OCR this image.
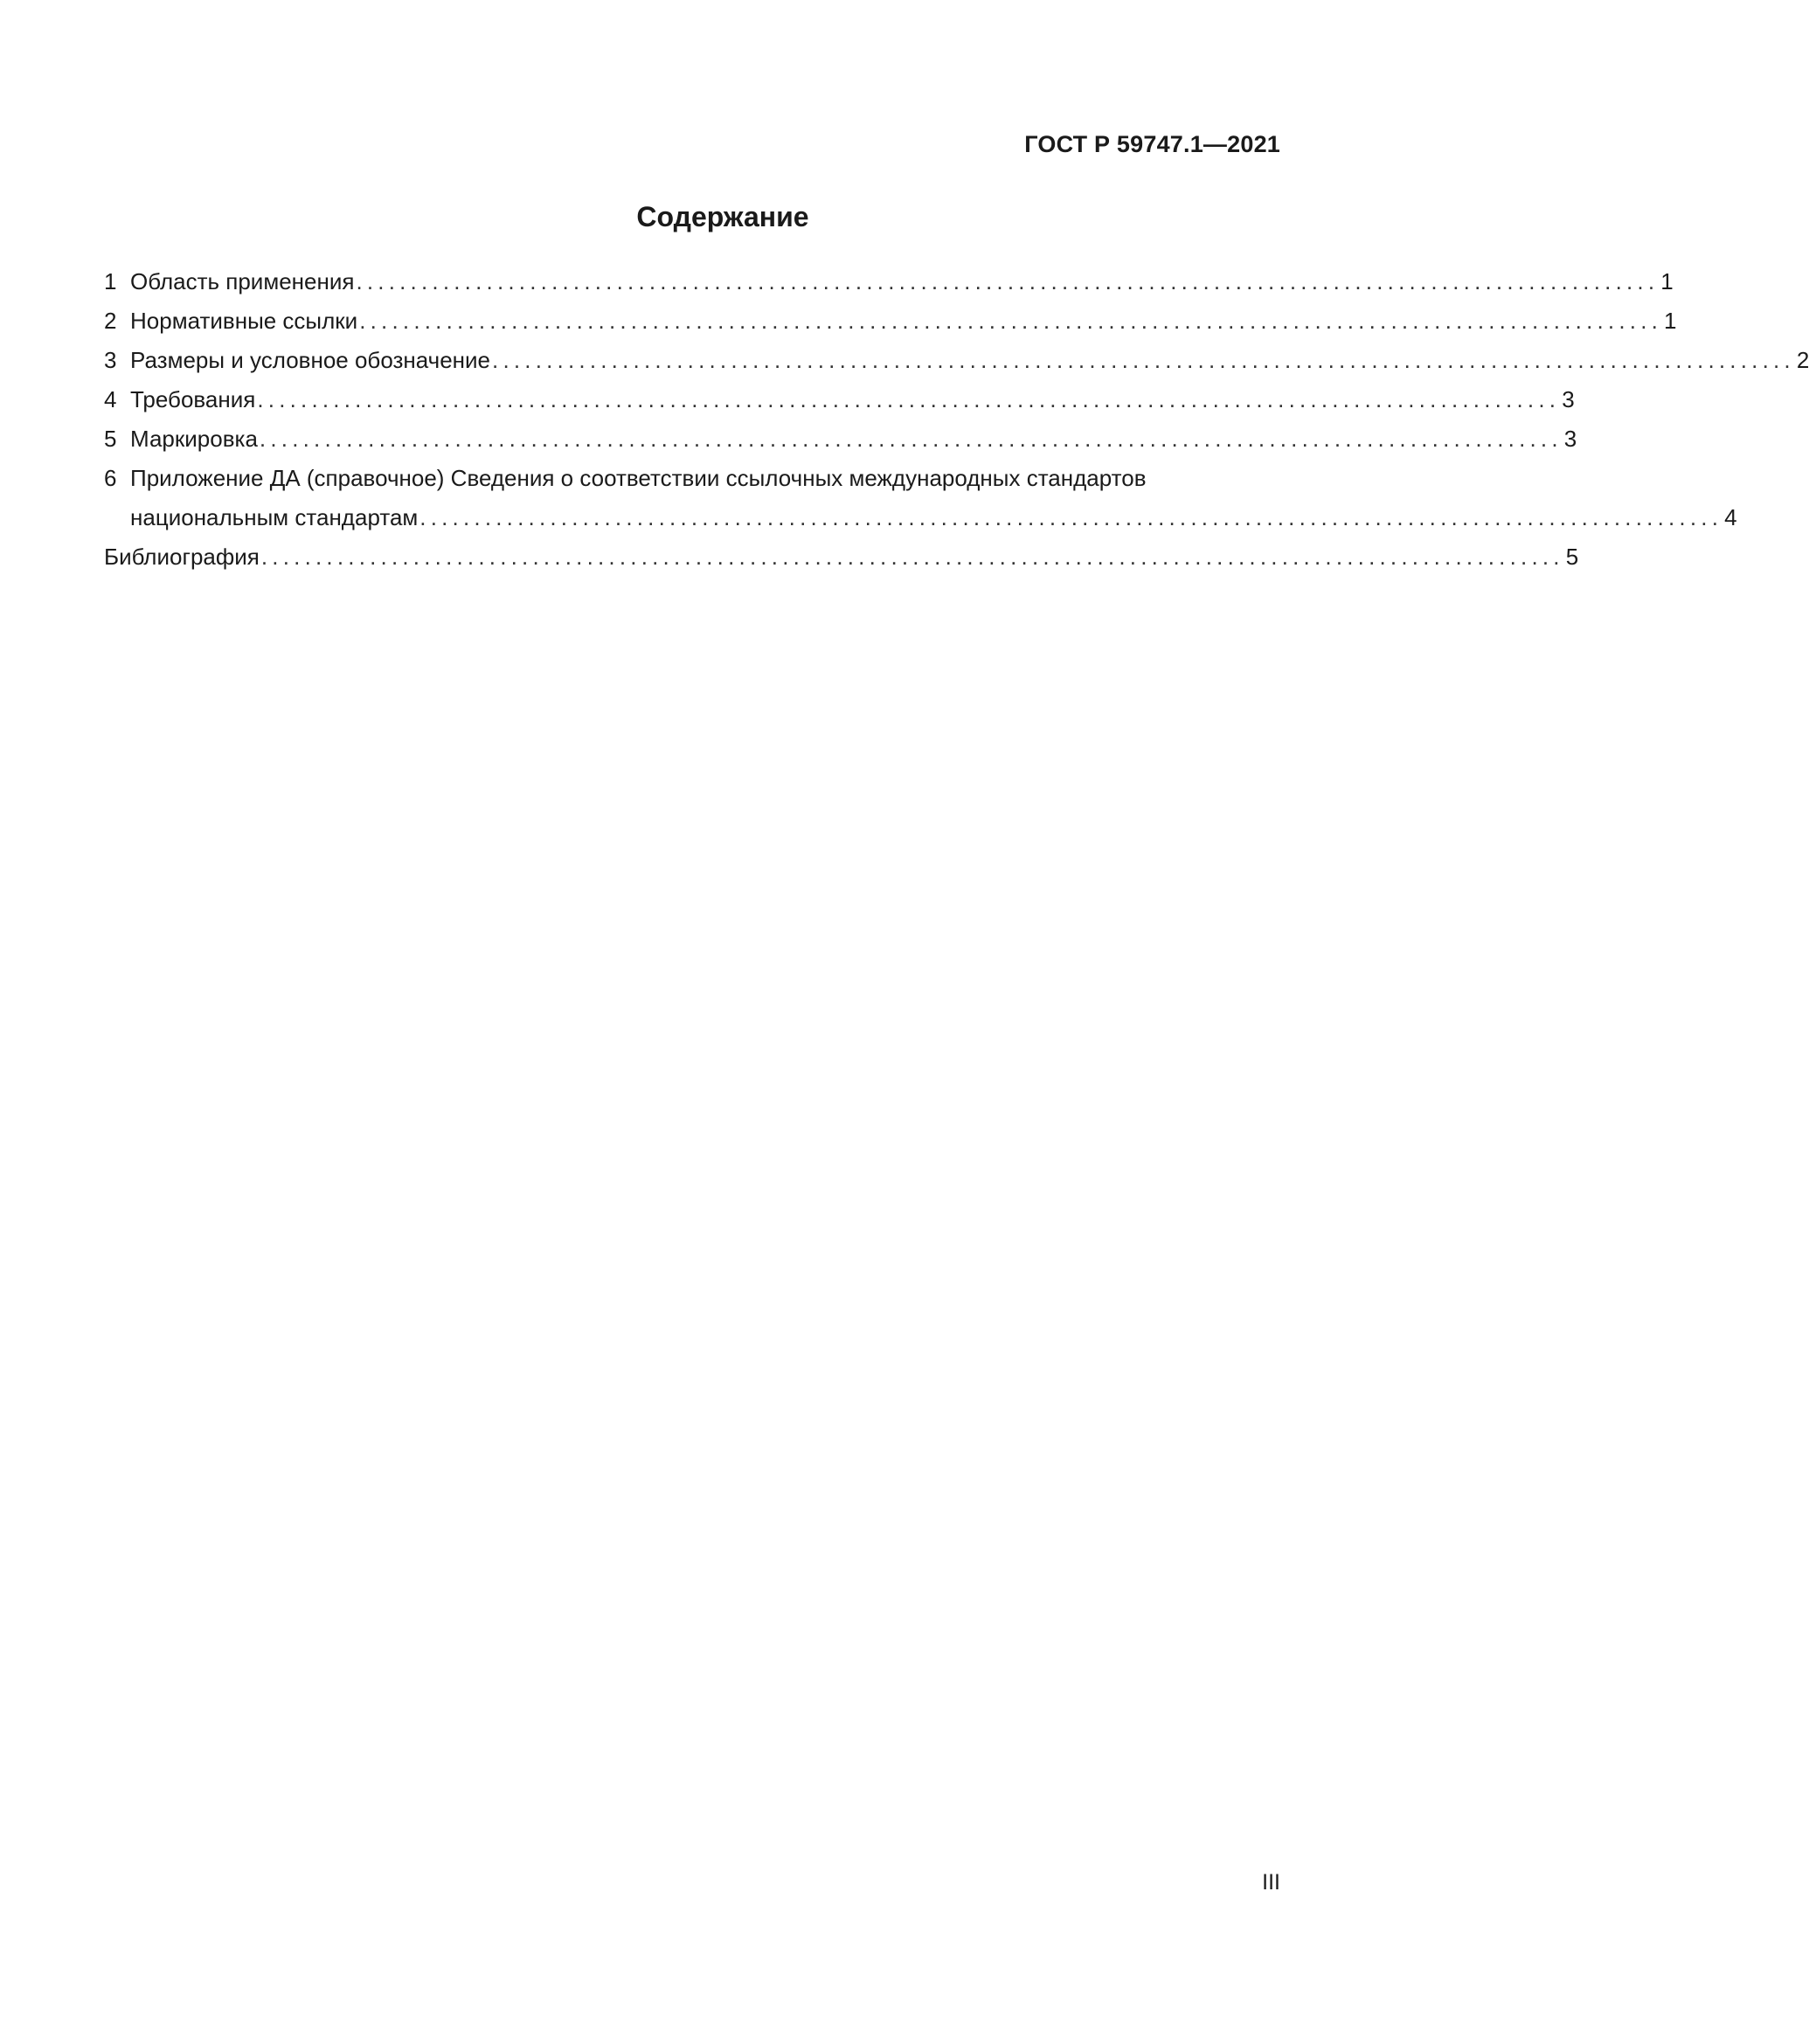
ГОСТ Р 59747.1—2021
Содержание
1 Область применения ........................................................................................................................ 1
2 Нормативные ссылки ........................................................................................................................ 1
3 Размеры и условное обозначение ........................................................................................................................ 2
4 Требования ........................................................................................................................ 3
5 Маркировка ........................................................................................................................ 3
6 Приложение ДА (справочное) Сведения о соответствии ссылочных международных стандартов
национальным стандартам ........................................................................................................................ 4
Библиография ........................................................................................................................ 5
III
